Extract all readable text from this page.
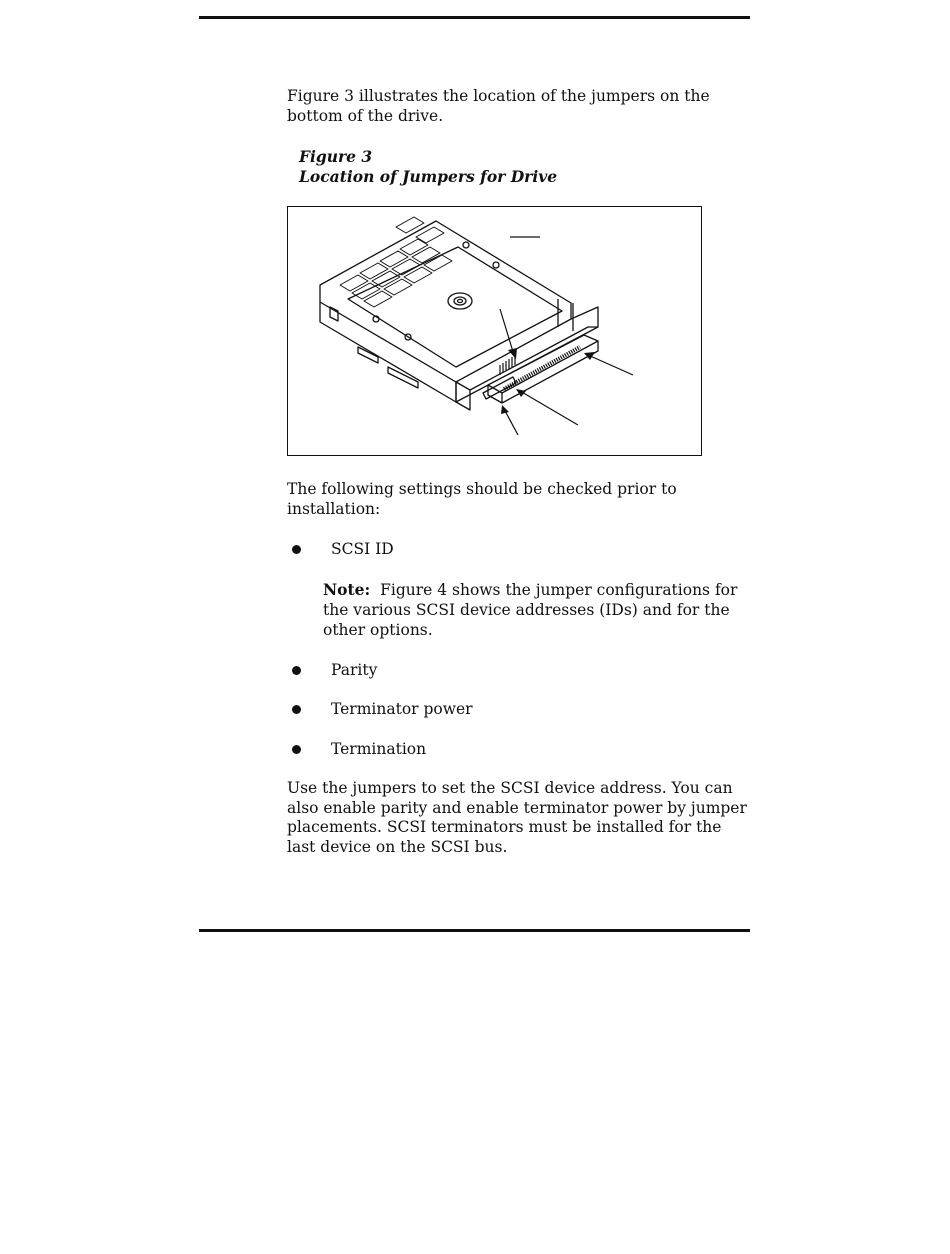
Figure 3 illustrates the location of the jumpers on the bottom of the drive.

Figure 3
Location of Jumpers for Drive

The following settings should be checked prior to installation:

SCSI ID

Note: Figure 4 shows the jumper configurations for the various SCSI device addresses (IDs) and for the other options.

Parity
Terminator power
Termination

Use the jumpers to set the SCSI device address. You can also enable parity and enable terminator power by jumper placements. SCSI terminators must be installed for the last device on the SCSI bus.
